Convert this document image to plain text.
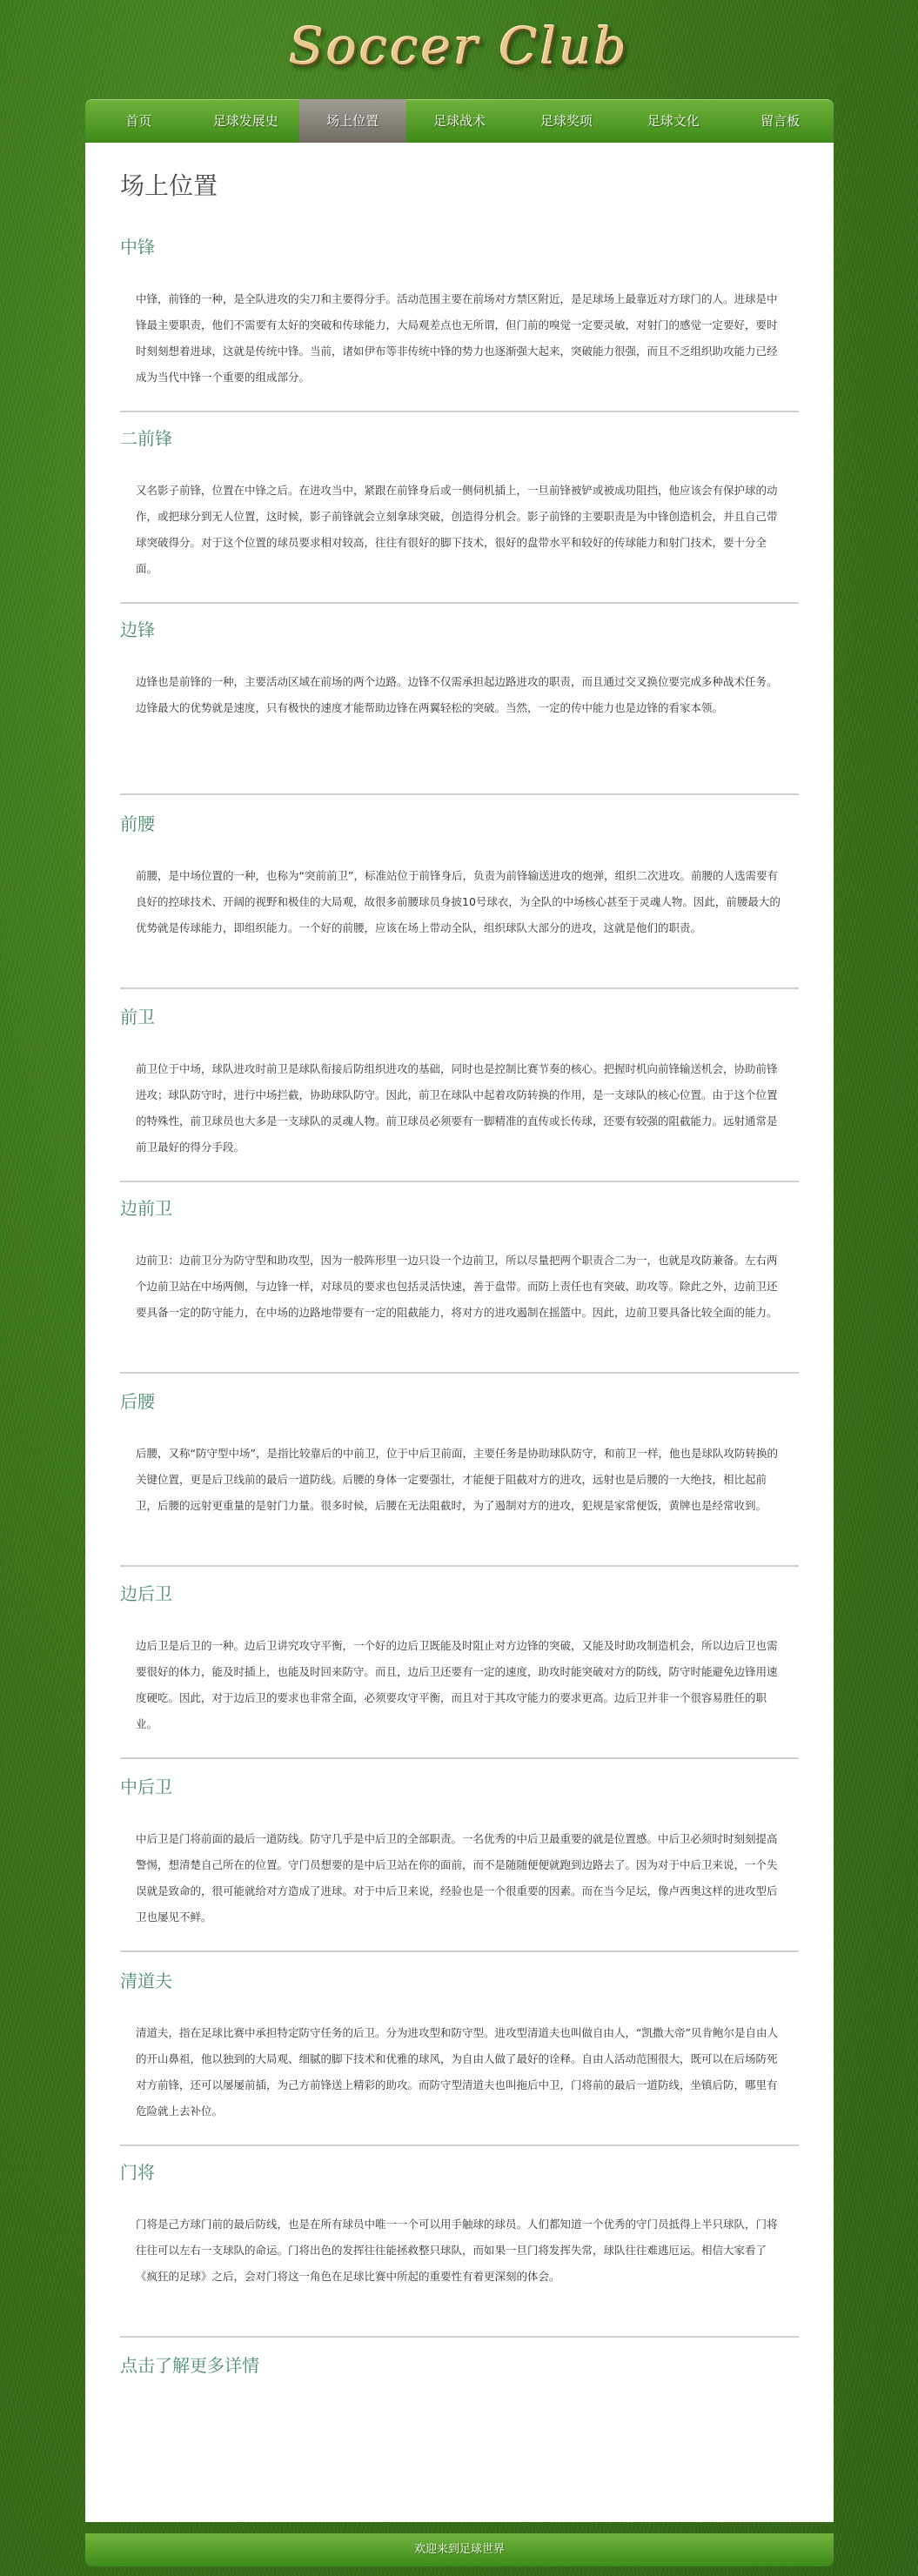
Soccer Club
首页	足球发展史	场上位置	足球战术	足球奖项	足球文化	留言板
场上位置
中锋

中锋，前锋的一种，是全队进攻的尖刀和主要得分手。活动范围主要在前场对方禁区附近，是足球场上最靠近对方球门的人。进球是中锋最主要职责，他们不需要有太好的突破和传球能力，大局观差点也无所谓，但门前的嗅觉一定要灵敏，对射门的感觉一定要好，要时时刻刻想着进球，这就是传统中锋。当前，诸如伊布等非传统中锋的势力也逐渐强大起来，突破能力很强，而且不乏组织助攻能力已经成为当代中锋一个重要的组成部分。

二前锋

又名影子前锋，位置在中锋之后。在进攻当中，紧跟在前锋身后或一侧伺机插上，一旦前锋被铲或被成功阻挡，他应该会有保护球的动作，或把球分到无人位置，这时候，影子前锋就会立刻拿球突破，创造得分机会。影子前锋的主要职责是为中锋创造机会，并且自己带球突破得分。对于这个位置的球员要求相对较高，往往有很好的脚下技术，很好的盘带水平和较好的传球能力和射门技术，要十分全面。

边锋

边锋也是前锋的一种，主要活动区域在前场的两个边路。边锋不仅需承担起边路进攻的职责，而且通过交叉换位要完成多种战术任务。边锋最大的优势就是速度，只有极快的速度才能帮助边锋在两翼轻松的突破。当然，一定的传中能力也是边锋的看家本领。

前腰

前腰，是中场位置的一种，也称为“突前前卫”，标准站位于前锋身后，负责为前锋输送进攻的炮弹，组织二次进攻。前腰的人选需要有良好的控球技术、开阔的视野和极佳的大局观，故很多前腰球员身披10号球衣，为全队的中场核心甚至于灵魂人物。因此，前腰最大的优势就是传球能力，即组织能力。一个好的前腰，应该在场上带动全队，组织球队大部分的进攻，这就是他们的职责。

前卫

前卫位于中场，球队进攻时前卫是球队衔接后防组织进攻的基础，同时也是控制比赛节奏的核心。把握时机向前锋输送机会，协助前锋进攻；球队防守时，进行中场拦截，协助球队防守。因此，前卫在球队中起着攻防转换的作用，是一支球队的核心位置。由于这个位置的特殊性，前卫球员也大多是一支球队的灵魂人物。前卫球员必须要有一脚精准的直传或长传球，还要有较强的阻截能力。远射通常是前卫最好的得分手段。

边前卫

边前卫：边前卫分为防守型和助攻型，因为一般阵形里一边只设一个边前卫，所以尽量把两个职责合二为一，也就是攻防兼备。左右两个边前卫站在中场两侧，与边锋一样，对球员的要求也包括灵活快速，善于盘带。而防上责任也有突破、助攻等。除此之外，边前卫还要具备一定的防守能力，在中场的边路地带要有一定的阻截能力，将对方的进攻遏制在摇篮中。因此，边前卫要具备比较全面的能力。

后腰

后腰，又称“防守型中场”，是指比较靠后的中前卫，位于中后卫前面，主要任务是协助球队防守，和前卫一样，他也是球队攻防转换的关键位置，更是后卫线前的最后一道防线。后腰的身体一定要强壮，才能便于阻截对方的进攻，远射也是后腰的一大绝技，相比起前卫，后腰的远射更重量的是射门力量。很多时候，后腰在无法阻截时，为了遏制对方的进攻，犯规是家常便饭，黄牌也是经常收到。

边后卫

边后卫是后卫的一种。边后卫讲究攻守平衡，一个好的边后卫既能及时阻止对方边锋的突破，又能及时助攻制造机会，所以边后卫也需要很好的体力，能及时插上，也能及时回来防守。而且，边后卫还要有一定的速度，助攻时能突破对方的防线，防守时能避免边锋用速度硬吃。因此，对于边后卫的要求也非常全面，必须要攻守平衡，而且对于其攻守能力的要求更高。边后卫并非一个很容易胜任的职业。

中后卫

中后卫是门将前面的最后一道防线。防守几乎是中后卫的全部职责。一名优秀的中后卫最重要的就是位置感。中后卫必须时时刻刻提高警惕，想清楚自己所在的位置。守门员想要的是中后卫站在你的面前，而不是随随便便就跑到边路去了。因为对于中后卫来说，一个失误就是致命的，很可能就给对方造成了进球。对于中后卫来说，经验也是一个很重要的因素。而在当今足坛，像卢西奥这样的进攻型后卫也屡见不鲜。

清道夫

清道夫，指在足球比赛中承担特定防守任务的后卫。分为进攻型和防守型。进攻型清道夫也叫做自由人，“凯撒大帝”贝肯鲍尔是自由人的开山鼻祖，他以独到的大局观、细腻的脚下技术和优雅的球风，为自由人做了最好的诠释。自由人活动范围很大，既可以在后场防死对方前锋，还可以屡屡前插，为己方前锋送上精彩的助攻。而防守型清道夫也叫拖后中卫，门将前的最后一道防线，坐镇后防，哪里有危险就上去补位。

门将

门将是己方球门前的最后防线，也是在所有球员中唯一一个可以用手触球的球员。人们都知道一个优秀的守门员抵得上半只球队，门将往往可以左右一支球队的命运。门将出色的发挥往往能拯救整只球队，而如果一旦门将发挥失常，球队往往难逃厄运。相信大家看了《疯狂的足球》之后，会对门将这一角色在足球比赛中所起的重要性有着更深刻的体会。

点击了解更多详情
欢迎来到足球世界
